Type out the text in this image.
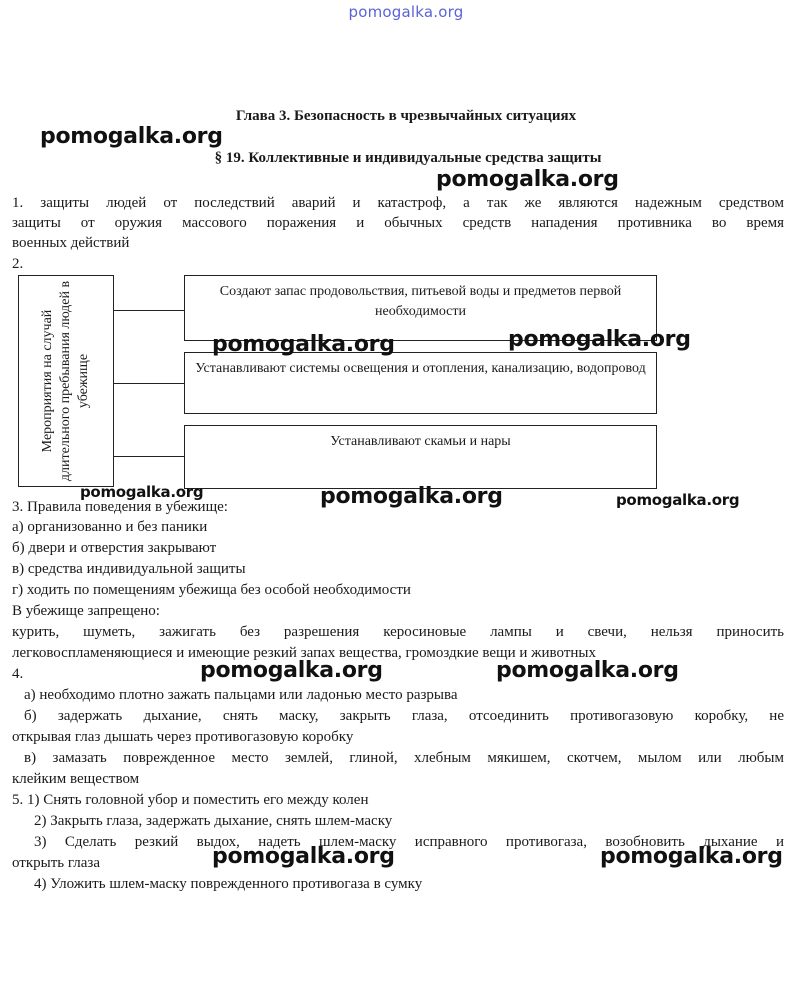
pomogalka.org
Глава 3. Безопасность в чрезвычайных ситуациях
§ 19. Коллективные и индивидуальные средства защиты
1. защиты людей от последствий аварий и катастроф, а так же являются надежным средством
защиты от оружия массового поражения и обычных средств нападения противника во время
военных действий
2.
Мероприятия на случай длительного пребывания людей в убежище
Создают запас продовольствия, питьевой воды и предметов первой необходимости
Устанавливают системы освещения и отопления, канализацию, водопровод
Устанавливают скамьи и нары
3. Правила поведения в убежище:
а) организованно и без паники
б) двери и отверстия закрывают
в) средства индивидуальной защиты
г) ходить по помещениям убежища без особой необходимости
В убежище запрещено:
курить, шуметь, зажигать без разрешения керосиновые лампы и свечи, нельзя приносить
легковоспламеняющиеся и имеющие резкий запах вещества, громоздкие вещи и животных
4.
а) необходимо плотно зажать пальцами или ладонью место разрыва
б) задержать дыхание, снять маску, закрыть глаза, отсоединить противогазовую коробку, не
открывая глаз дышать через противогазовую коробку
в) замазать поврежденное место землей, глиной, хлебным мякишем, скотчем, мылом или любым
клейким веществом
5. 1) Снять головной убор и поместить его между колен
2) Закрыть глаза, задержать дыхание, снять шлем-маску
3) Сделать резкий выдох, надеть шлем-маску исправного противогаза, возобновить дыхание и
открыть глаза
4) Уложить шлем-маску поврежденного противогаза в сумку
pomogalka.org
pomogalka.org
pomogalka.org	pomogalka.org
pomogalka.org	pomogalka.org	pomogalka.org
pomogalka.org	pomogalka.org
pomogalka.org	pomogalka.org
